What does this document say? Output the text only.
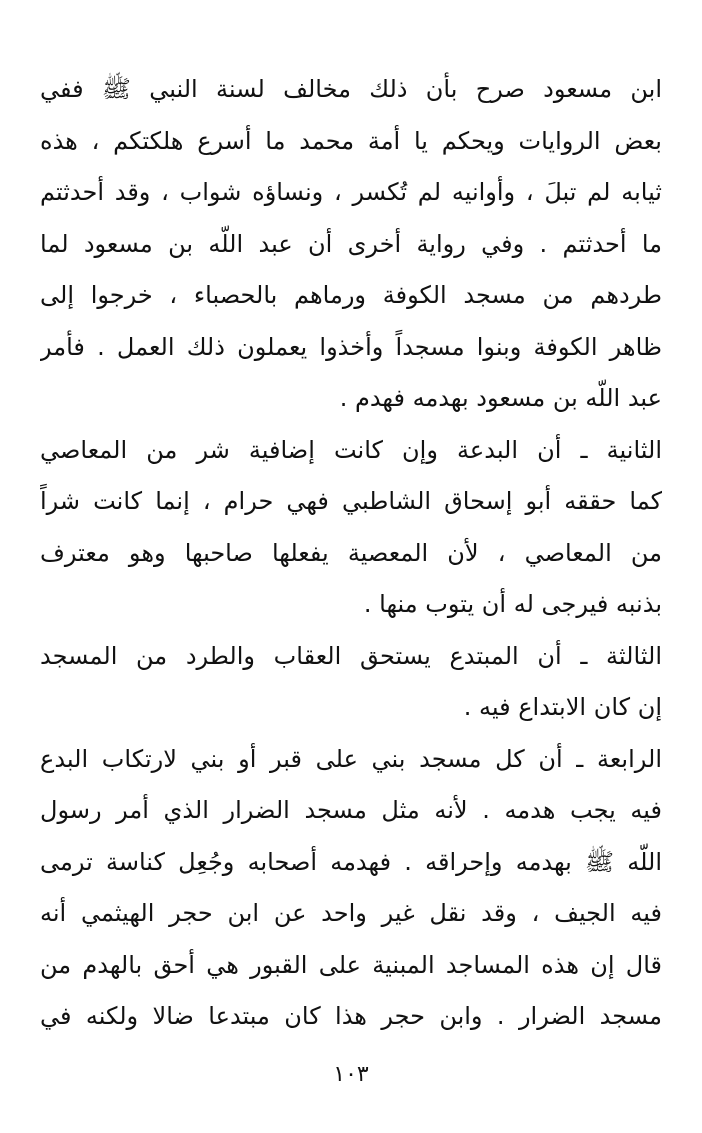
ابن مسعود صرح بأن ذلك مخالف لسنة النبي ﷺ ففي
بعض الروايات ويحكم يا أمة محمد ما أسرع هلكتكم ، هذه
ثيابه لم تبلَ ، وأوانيه لم تُكسر ، ونساؤه شواب ، وقد أحدثتم
ما أحدثتم . وفي رواية أخرى أن عبد اللّه بن مسعود لما
طردهم من مسجد الكوفة ورماهم بالحصباء ، خرجوا إلى
ظاهر الكوفة وبنوا مسجداً وأخذوا يعملون ذلك العمل . فأمر
عبد اللّه بن مسعود بهدمه فهدم .
الثانية ـ أن البدعة وإن كانت إضافية شر من المعاصي
كما حققه أبو إسحاق الشاطبي فهي حرام ، إنما كانت شراً
من المعاصي ، لأن المعصية يفعلها صاحبها وهو معترف
بذنبه فيرجى له أن يتوب منها .
الثالثة ـ أن المبتدع يستحق العقاب والطرد من المسجد
إن كان الابتداع فيه .
الرابعة ـ أن كل مسجد بني على قبر أو بني لارتكاب البدع
فيه يجب هدمه . لأنه مثل مسجد الضرار الذي أمر رسول
اللّه ﷺ بهدمه وإحراقه . فهدمه أصحابه وجُعِل كناسة ترمى
فيه الجيف ، وقد نقل غير واحد عن ابن حجر الهيثمي أنه
قال إن هذه المساجد المبنية على القبور هي أحق بالهدم من
مسجد الضرار . وابن حجر هذا كان مبتدعا ضالا ولكنه في
١٠٣
